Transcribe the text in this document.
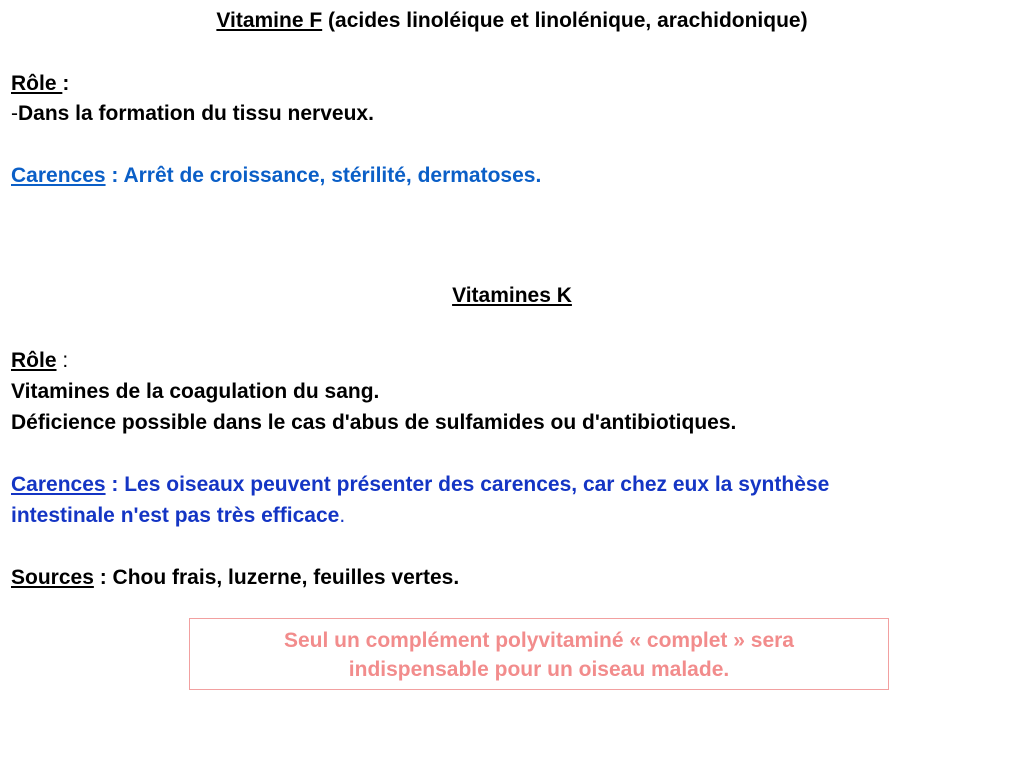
Vitamine F (acides linoléique et linolénique, arachidonique)
Rôle :
-Dans la formation du tissu nerveux.
Carences : Arrêt de croissance, stérilité, dermatoses.
Vitamines K
Rôle :
Vitamines de la coagulation du sang.
Déficience possible dans le cas d'abus de sulfamides ou d'antibiotiques.
Carences : Les oiseaux peuvent présenter des carences, car chez eux la synthèse
intestinale n'est pas très efficace.
Sources : Chou frais, luzerne, feuilles vertes.
Seul un complément polyvitaminé « complet » sera
indispensable pour un oiseau malade.
